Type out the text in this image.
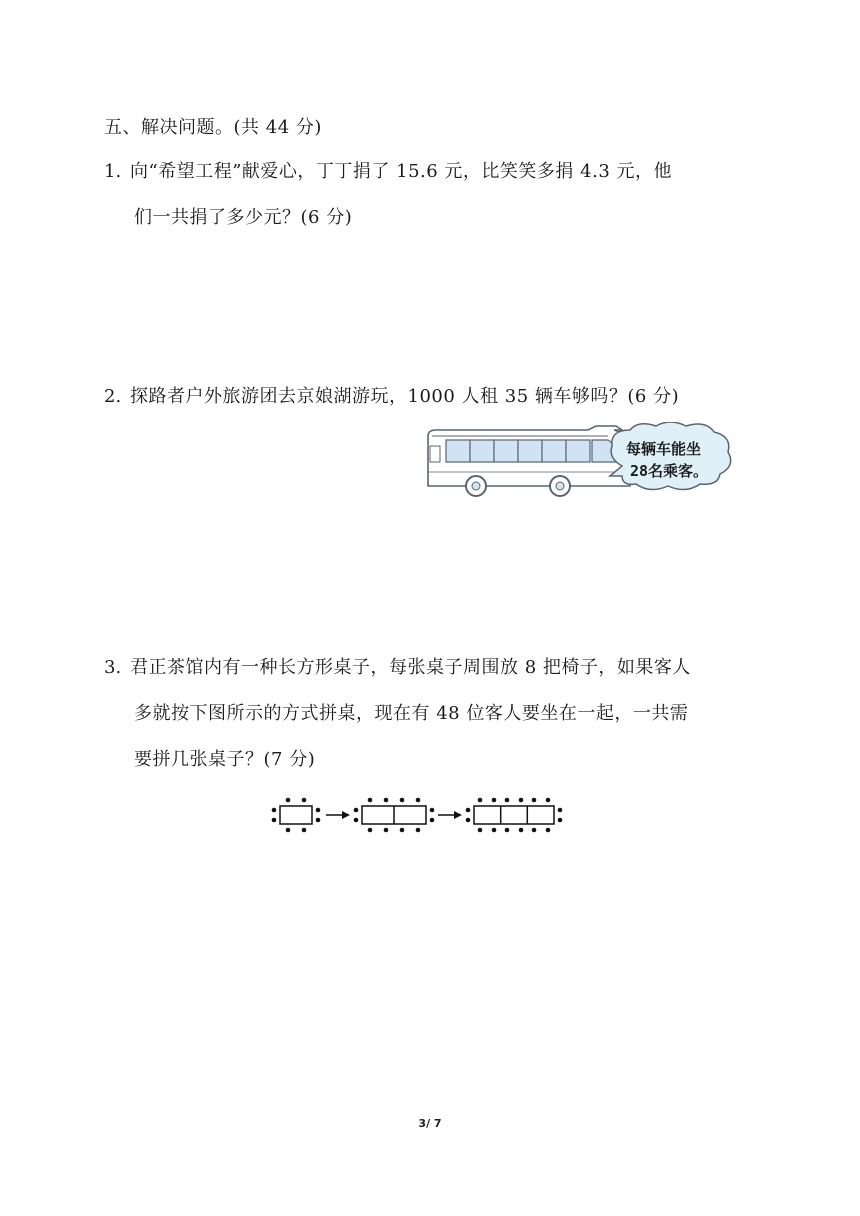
五、解决问题。(共 44 分)
1. 向“希望工程”献爱心，丁丁捐了 15.6 元，比笑笑多捐 4.3 元，他
们一共捐了多少元？(6 分)
2. 探路者户外旅游团去京娘湖游玩，1000 人租 35 辆车够吗？(6 分)
每辆车能坐
28名乘客。
3. 君正茶馆内有一种长方形桌子，每张桌子周围放 8 把椅子，如果客人
多就按下图所示的方式拼桌，现在有 48 位客人要坐在一起，一共需
要拼几张桌子？(7 分)
3/ 7
